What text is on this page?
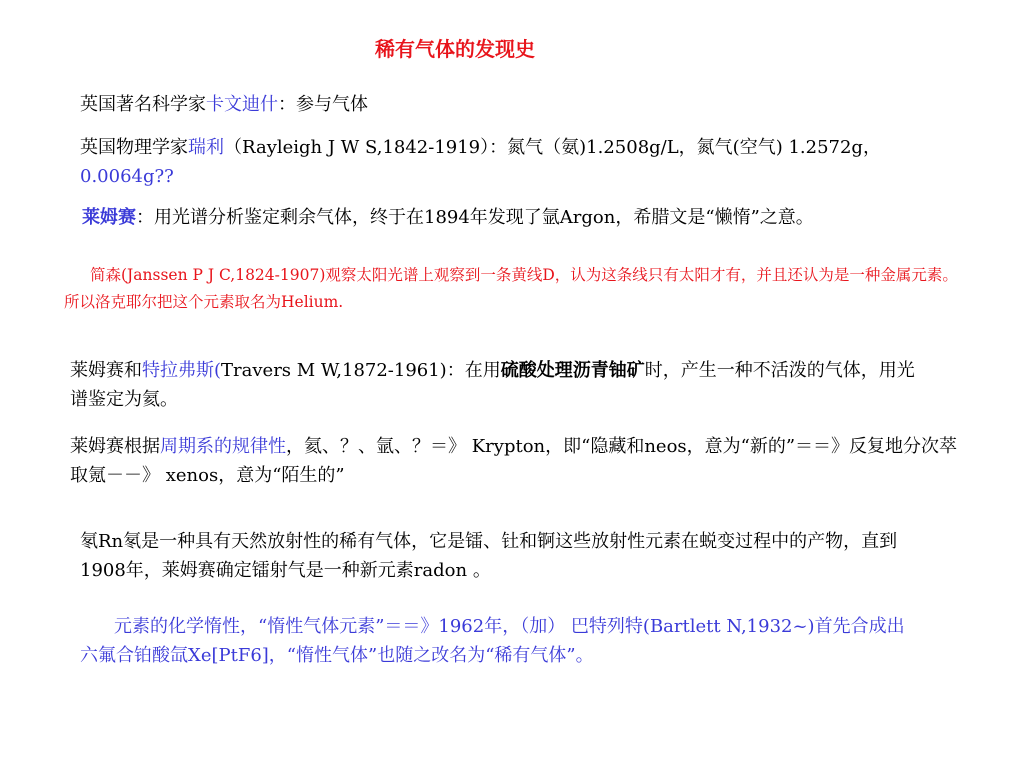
稀有气体的发现史
英国著名科学家卡文迪什：参与气体
英国物理学家瑞利（Rayleigh J W S,1842-1919）：氮气（氨)1.2508g/L，氮气(空气) 1.2572g，0.0064g??
莱姆赛：用光谱分析鉴定剩余气体，终于在1894年发现了氩Argon，希腊文是“懒惰”之意。
简森(Janssen P J C,1824-1907)观察太阳光谱上观察到一条黄线D，认为这条线只有太阳才有，并且还认为是一种金属元素。所以洛克耶尔把这个元素取名为Helium.
莱姆赛和特拉弗斯(Travers M W,1872-1961)：在用硫酸处理沥青铀矿时，产生一种不活泼的气体，用光谱鉴定为氦。
莱姆赛根据周期系的规律性，氦、？、氩、？＝》 Krypton，即“隐藏和neos，意为“新的”＝＝》反复地分次萃取氪－－》 xenos，意为“陌生的”
氡Rn氡是一种具有天然放射性的稀有气体，它是镭、钍和锕这些放射性元素在蜕变过程中的产物，直到1908年，莱姆赛确定镭射气是一种新元素radon 。
元素的化学惰性，“惰性气体元素”＝＝》1962年，（加） 巴特列特(Bartlett N,1932~)首先合成出六氟合铂酸氙Xe[PtF6]，“惰性气体”也随之改名为“稀有气体”。
